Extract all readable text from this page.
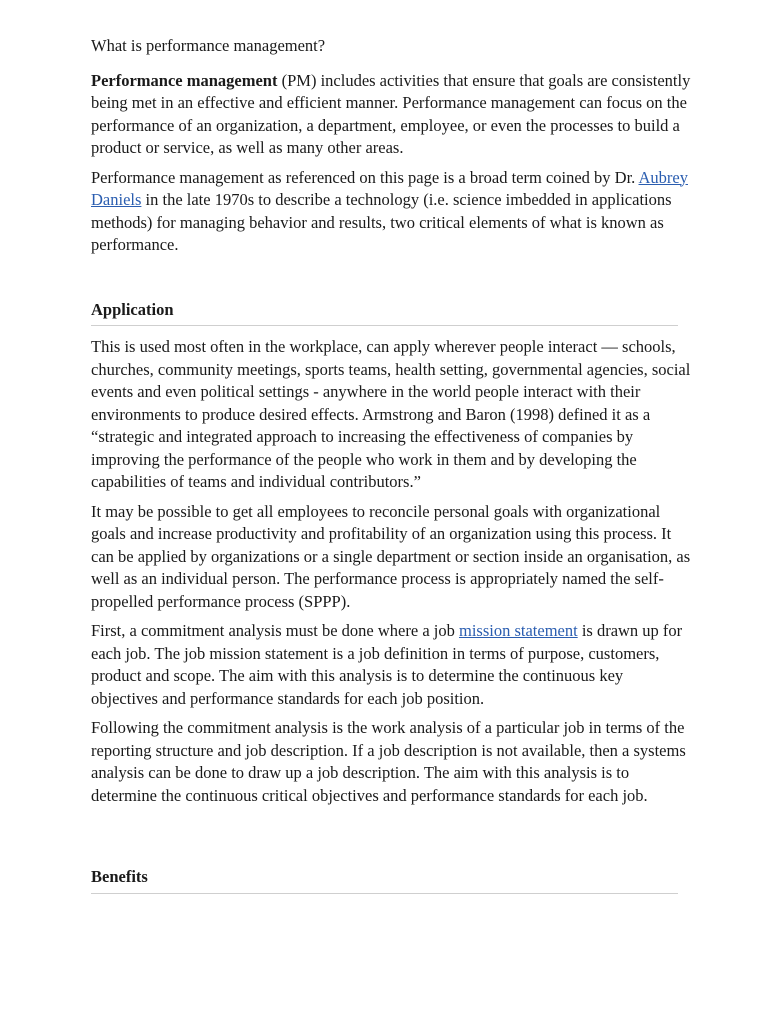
What is performance management?

Performance management (PM) includes activities that ensure that goals are consistently being met in an effective and efficient manner. Performance management can focus on the performance of an organization, a department, employee, or even the processes to build a product or service, as well as many other areas.

Performance management as referenced on this page is a broad term coined by Dr. Aubrey Daniels in the late 1970s to describe a technology (i.e. science imbedded in applications methods) for managing behavior and results, two critical elements of what is known as performance.

Application

This is used most often in the workplace, can apply wherever people interact — schools, churches, community meetings, sports teams, health setting, governmental agencies, social events and even political settings - anywhere in the world people interact with their environments to produce desired effects. Armstrong and Baron (1998) defined it as a “strategic and integrated approach to increasing the effectiveness of companies by improving the performance of the people who work in them and by developing the capabilities of teams and individual contributors.”

It may be possible to get all employees to reconcile personal goals with organizational goals and increase productivity and profitability of an organization using this process. It can be applied by organizations or a single department or section inside an organisation, as well as an individual person. The performance process is appropriately named the self-propelled performance process (SPPP).

First, a commitment analysis must be done where a job mission statement is drawn up for each job. The job mission statement is a job definition in terms of purpose, customers, product and scope. The aim with this analysis is to determine the continuous key objectives and performance standards for each job position.

Following the commitment analysis is the work analysis of a particular job in terms of the reporting structure and job description. If a job description is not available, then a systems analysis can be done to draw up a job description. The aim with this analysis is to determine the continuous critical objectives and performance standards for each job.

Benefits
